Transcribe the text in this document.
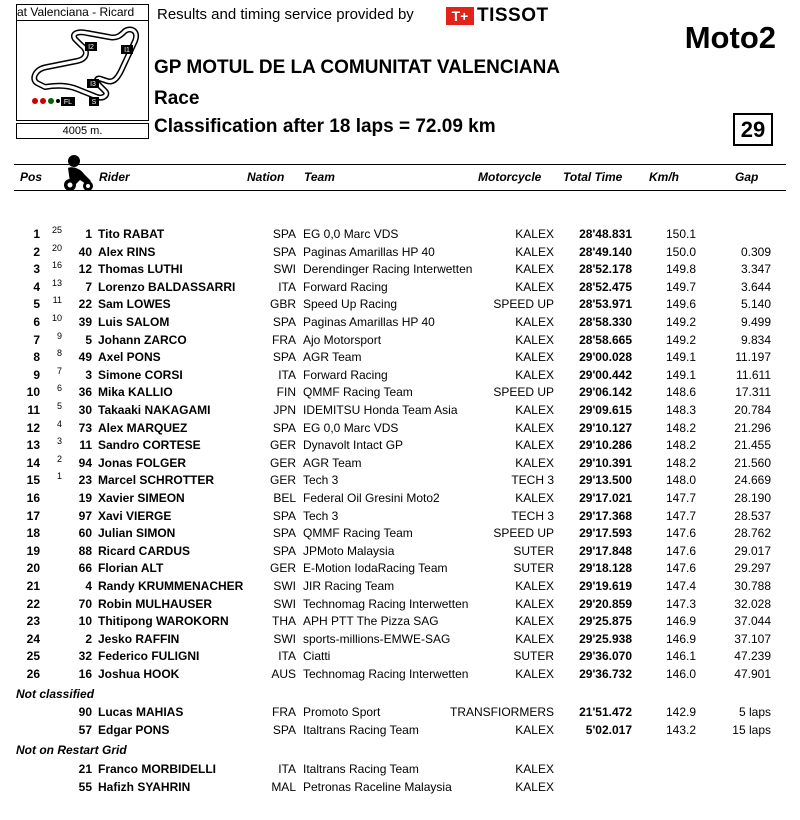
at Valenciana - Ricard
I2	I1
I3
S
FL
4005 m.
Results and timing service provided by	T+ TISSOT
Moto2
GP MOTUL DE LA COMUNITAT VALENCIANA
Race
Classification after 18 laps = 72.09 km	29
Pos	Rider	Nation Team	Motorcycle Total Time Km/h	Gap
1	25	1 Tito RABAT	SPA EG 0,0 Marc VDS	KALEX	28'48.831	150.1
2	20	40 Alex RINS	SPA Paginas Amarillas HP 40	KALEX	28'49.140	150.0	0.309
3	16	12 Thomas LUTHI	SWI Derendinger Racing Interwetten	KALEX	28'52.178	149.8	3.347
4	13	7 Lorenzo BALDASSARRI	ITA Forward Racing	KALEX	28'52.475	149.7	3.644
5	11	22 Sam LOWES	GBR Speed Up Racing	SPEED UP	28'53.971	149.6	5.140
6	10	39 Luis SALOM	SPA Paginas Amarillas HP 40	KALEX	28'58.330	149.2	9.499
7	9	5 Johann ZARCO	FRA Ajo Motorsport	KALEX	28'58.665	149.2	9.834
8	8	49 Axel PONS	SPA AGR Team	KALEX	29'00.028	149.1	11.197
9	7	3 Simone CORSI	ITA Forward Racing	KALEX	29'00.442	149.1	11.611
10	6	36 Mika KALLIO	FIN QMMF Racing Team	SPEED UP	29'06.142	148.6	17.311
11	5	30 Takaaki NAKAGAMI	JPN IDEMITSU Honda Team Asia	KALEX	29'09.615	148.3	20.784
12	4	73 Alex MARQUEZ	SPA EG 0,0 Marc VDS	KALEX	29'10.127	148.2	21.296
13	3	11 Sandro CORTESE	GER Dynavolt Intact GP	KALEX	29'10.286	148.2	21.455
14	2	94 Jonas FOLGER	GER AGR Team	KALEX	29'10.391	148.2	21.560
15	1	23 Marcel SCHROTTER	GER Tech 3	TECH 3	29'13.500	148.0	24.669
16	19 Xavier SIMEON	BEL Federal Oil Gresini Moto2	KALEX	29'17.021	147.7	28.190
17	97 Xavi VIERGE	SPA Tech 3	TECH 3	29'17.368	147.7	28.537
18	60 Julian SIMON	SPA QMMF Racing Team	SPEED UP	29'17.593	147.6	28.762
19	88 Ricard CARDUS	SPA JPMoto Malaysia	SUTER	29'17.848	147.6	29.017
20	66 Florian ALT	GER E-Motion IodaRacing Team	SUTER	29'18.128	147.6	29.297
21	4 Randy KRUMMENACHER	SWI JIR Racing Team	KALEX	29'19.619	147.4	30.788
22	70 Robin MULHAUSER	SWI Technomag Racing Interwetten	KALEX	29'20.859	147.3	32.028
23	10 Thitipong WAROKORN	THA APH PTT The Pizza SAG	KALEX	29'25.875	146.9	37.044
24	2 Jesko RAFFIN	SWI sports-millions-EMWE-SAG	KALEX	29'25.938	146.9	37.107
25	32 Federico FULIGNI	ITA Ciatti	SUTER	29'36.070	146.1	47.239
26	16 Joshua HOOK	AUS Technomag Racing Interwetten	KALEX	29'36.732	146.0	47.901
90 Lucas MAHIAS	FRA Promoto Sport	TRANSFIORMERS	21'51.472	142.9	5 laps
57 Edgar PONS	SPA Italtrans Racing Team	KALEX	5'02.017	143.2	15 laps
21 Franco MORBIDELLI	ITA Italtrans Racing Team	KALEX
55 Hafizh SYAHRIN	MAL Petronas Raceline Malaysia	KALEX
Not classified
Not on Restart Grid
